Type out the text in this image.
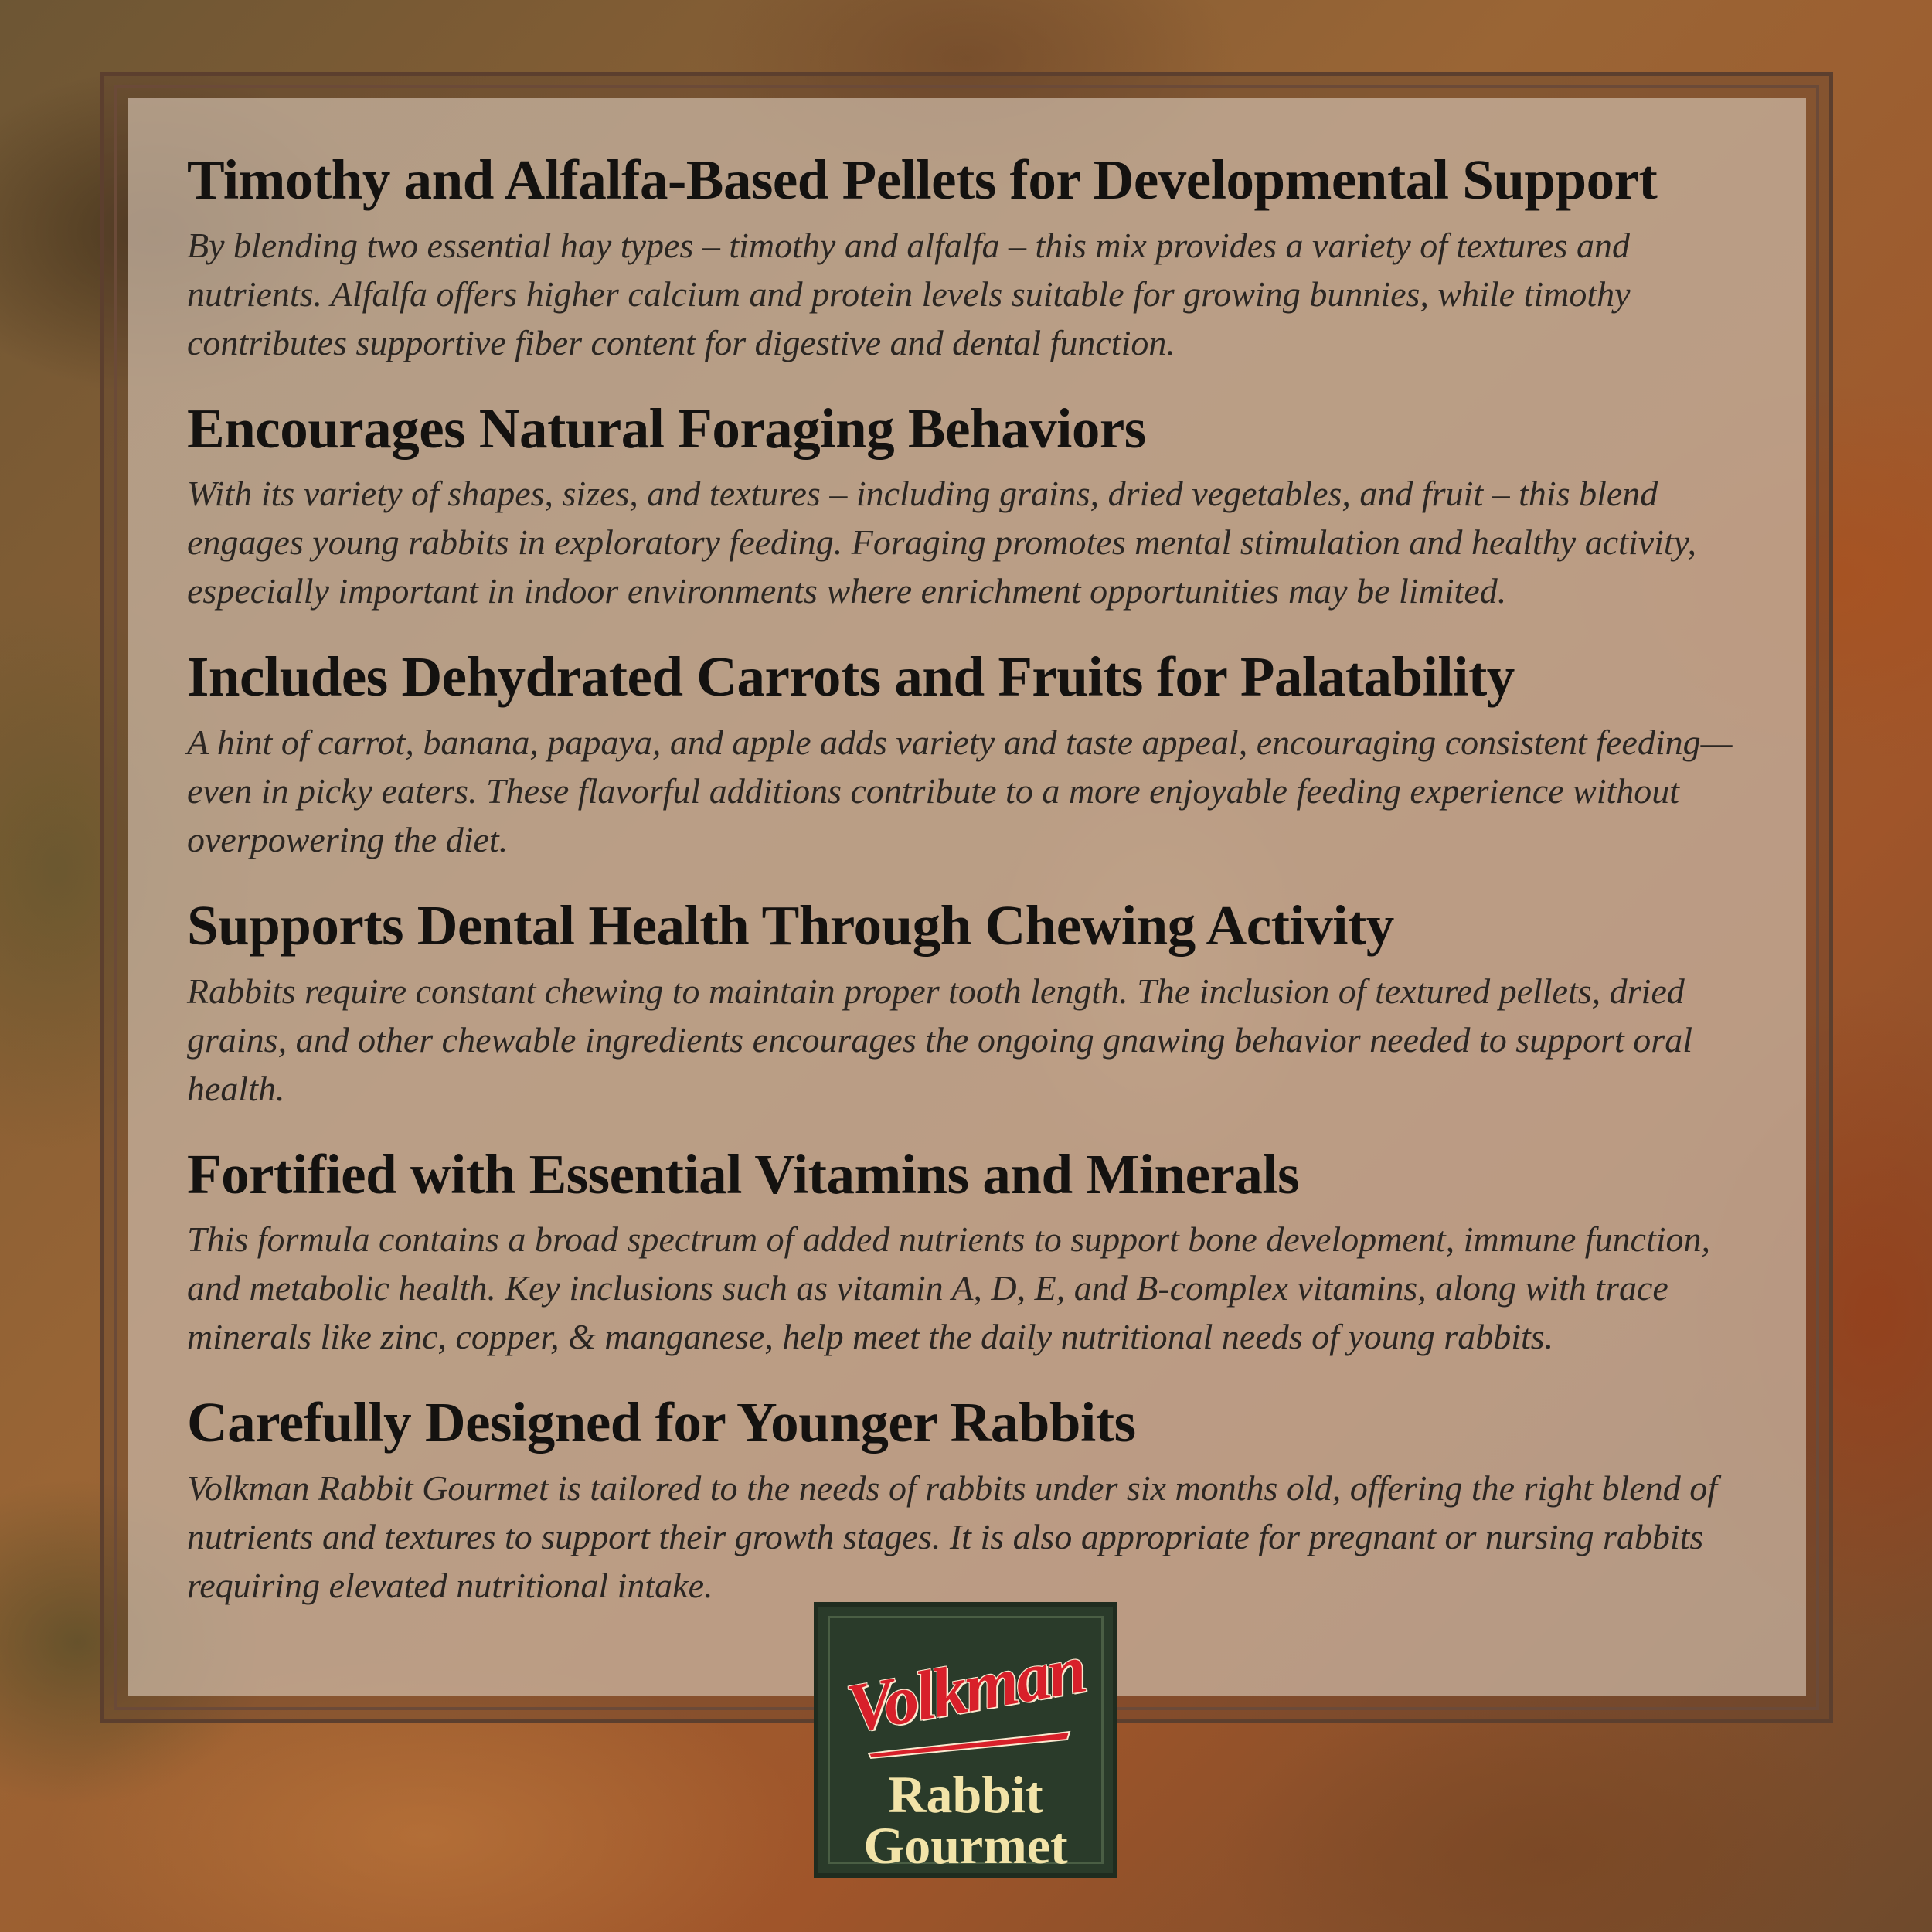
Timothy and Alfalfa-Based Pellets for Developmental Support

By blending two essential hay types – timothy and alfalfa – this mix provides a variety of textures and nutrients. Alfalfa offers higher calcium and protein levels suitable for growing bunnies, while timothy contributes supportive fiber content for digestive and dental function.

Encourages Natural Foraging Behaviors

With its variety of shapes, sizes, and textures – including grains, dried vegetables, and fruit – this blend engages young rabbits in exploratory feeding. Foraging promotes mental stimulation and healthy activity, especially important in indoor environments where enrichment opportunities may be limited.

Includes Dehydrated Carrots and Fruits for Palatability

A hint of carrot, banana, papaya, and apple adds variety and taste appeal, encouraging consistent feeding—even in picky eaters. These flavorful additions contribute to a more enjoyable feeding experience without overpowering the diet.

Supports Dental Health Through Chewing Activity

Rabbits require constant chewing to maintain proper tooth length. The inclusion of textured pellets, dried grains, and other chewable ingredients encourages the ongoing gnawing behavior needed to support oral health.

Fortified with Essential Vitamins and Minerals

This formula contains a broad spectrum of added nutrients to support bone development, immune function, and metabolic health. Key inclusions such as vitamin A, D, E, and B-complex vitamins, along with trace minerals like zinc, copper, & manganese, help meet the daily nutritional needs of young rabbits.

Carefully Designed for Younger Rabbits

Volkman Rabbit Gourmet is tailored to the needs of rabbits under six months old, offering the right blend of nutrients and textures to support their growth stages. It is also appropriate for pregnant or nursing rabbits requiring elevated nutritional intake.

Volkman
Rabbit
Gourmet
